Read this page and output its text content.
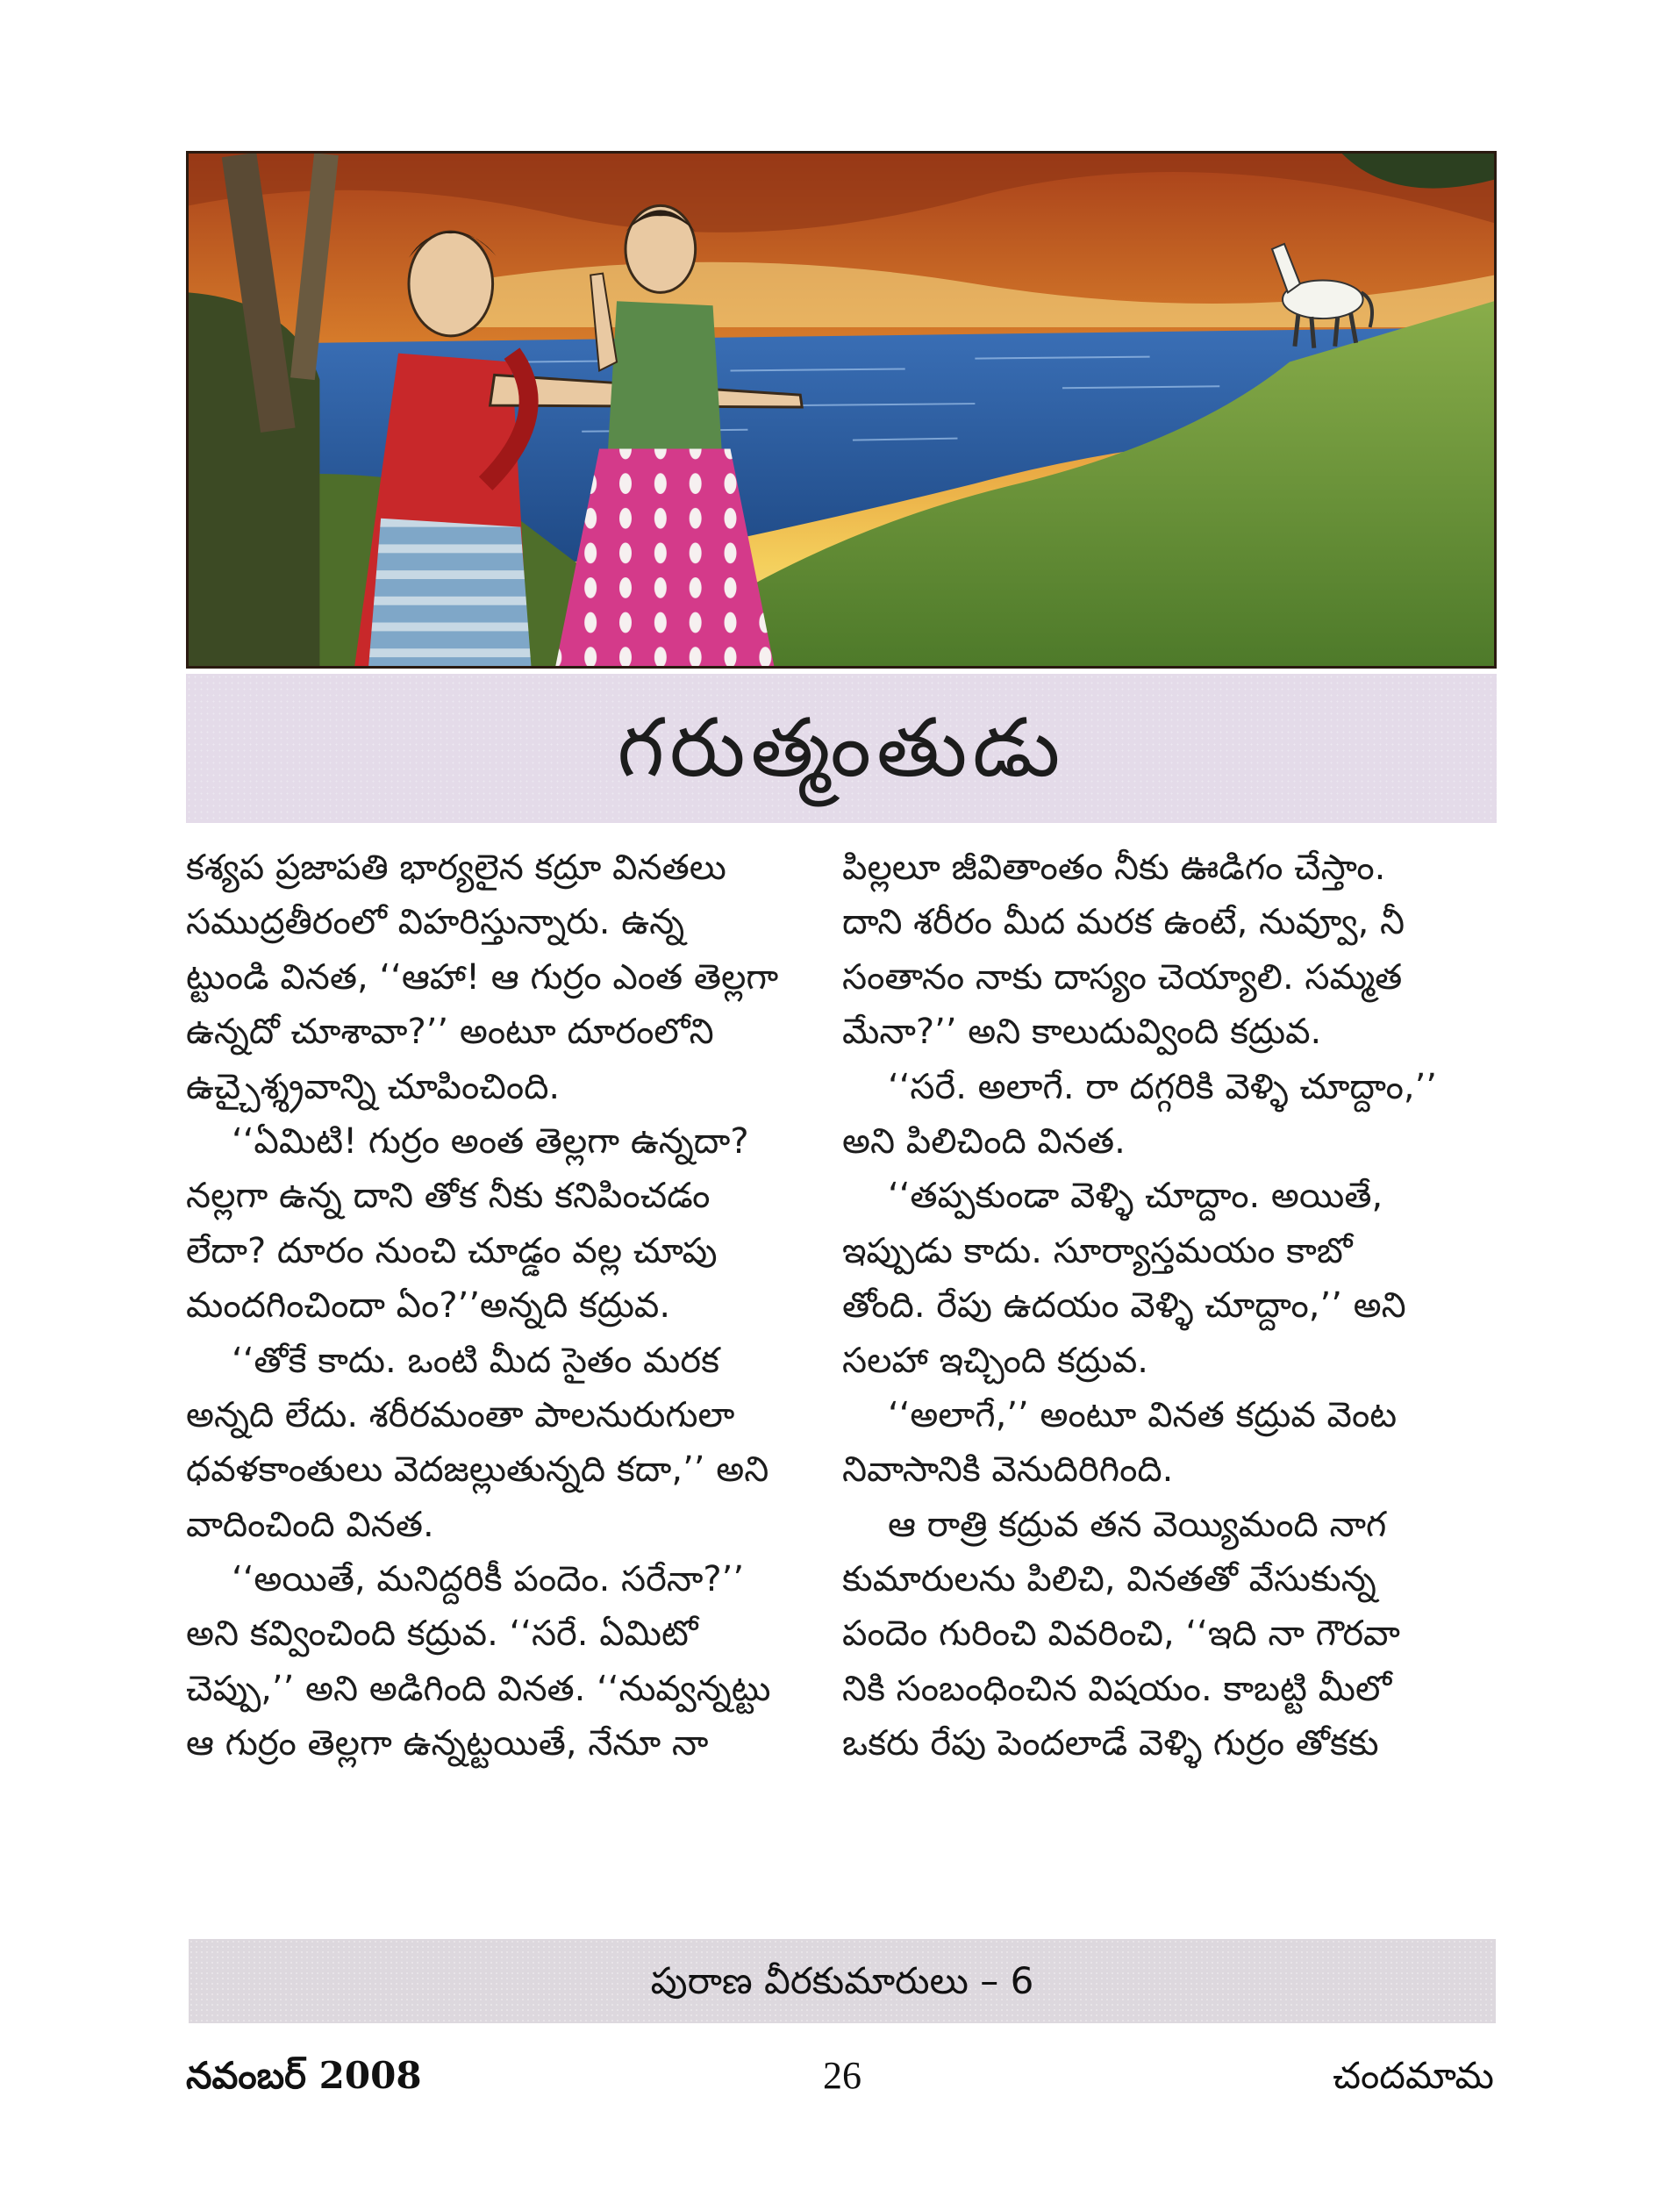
గరుత్మంతుడు
కశ్యప ప్రజాపతి భార్యలైన కద్రూ వినతలు
సముద్రతీరంలో విహరిస్తున్నారు. ఉన్న
ట్టుండి వినత, ‘‘ఆహా! ఆ గుర్రం ఎంత తెల్లగా
ఉన్నదో చూశావా?’’ అంటూ దూరంలోని
ఉచ్చైశ్శ్రవాన్ని చూపించింది.
‘‘ఏమిటి! గుర్రం అంత తెల్లగా ఉన్నదా?
నల్లగా ఉన్న దాని తోక నీకు కనిపించడం
లేదా? దూరం నుంచి చూడ్డం వల్ల చూపు
మందగించిందా ఏం?’’అన్నది కద్రువ.
‘‘తోకే కాదు. ఒంటి మీద సైతం మరక
అన్నది లేదు. శరీరమంతా పాలనురుగులా
ధవళకాంతులు వెదజల్లుతున్నది కదా,’’ అని
వాదించింది వినత.
‘‘అయితే, మనిద్దరికీ పందెం. సరేనా?’’
అని కవ్వించింది కద్రువ. ‘‘సరే. ఏమిటో
చెప్పు,’’ అని అడిగింది వినత. ‘‘నువ్వన్నట్టు
ఆ గుర్రం తెల్లగా ఉన్నట్టయితే, నేనూ నా
పిల్లలూ జీవితాంతం నీకు ఊడిగం చేస్తాం.
దాని శరీరం మీద మరక ఉంటే, నువ్వూ, నీ
సంతానం నాకు దాస్యం చెయ్యాలి. సమ్మత
మేనా?’’ అని కాలుదువ్వింది కద్రువ.
‘‘సరే. అలాగే. రా దగ్గరికి వెళ్ళి చూద్దాం,’’
అని పిలిచింది వినత.
‘‘తప్పకుండా వెళ్ళి చూద్దాం. అయితే,
ఇప్పుడు కాదు. సూర్యాస్తమయం కాబో
తోంది. రేపు ఉదయం వెళ్ళి చూద్దాం,’’ అని
సలహా ఇచ్చింది కద్రువ.
‘‘అలాగే,’’ అంటూ వినత కద్రువ వెంట
నివాసానికి వెనుదిరిగింది.
ఆ రాత్రి కద్రువ తన వెయ్యిమంది నాగ
కుమారులను పిలిచి, వినతతో వేసుకున్న
పందెం గురించి వివరించి, ‘‘ఇది నా గౌరవా
నికి సంబంధించిన విషయం. కాబట్టి మీలో
ఒకరు రేపు పెందలాడే వెళ్ళి గుర్రం తోకకు
పురాణ వీరకుమారులు – 6
నవంబర్ 2008	26	చందమామ
